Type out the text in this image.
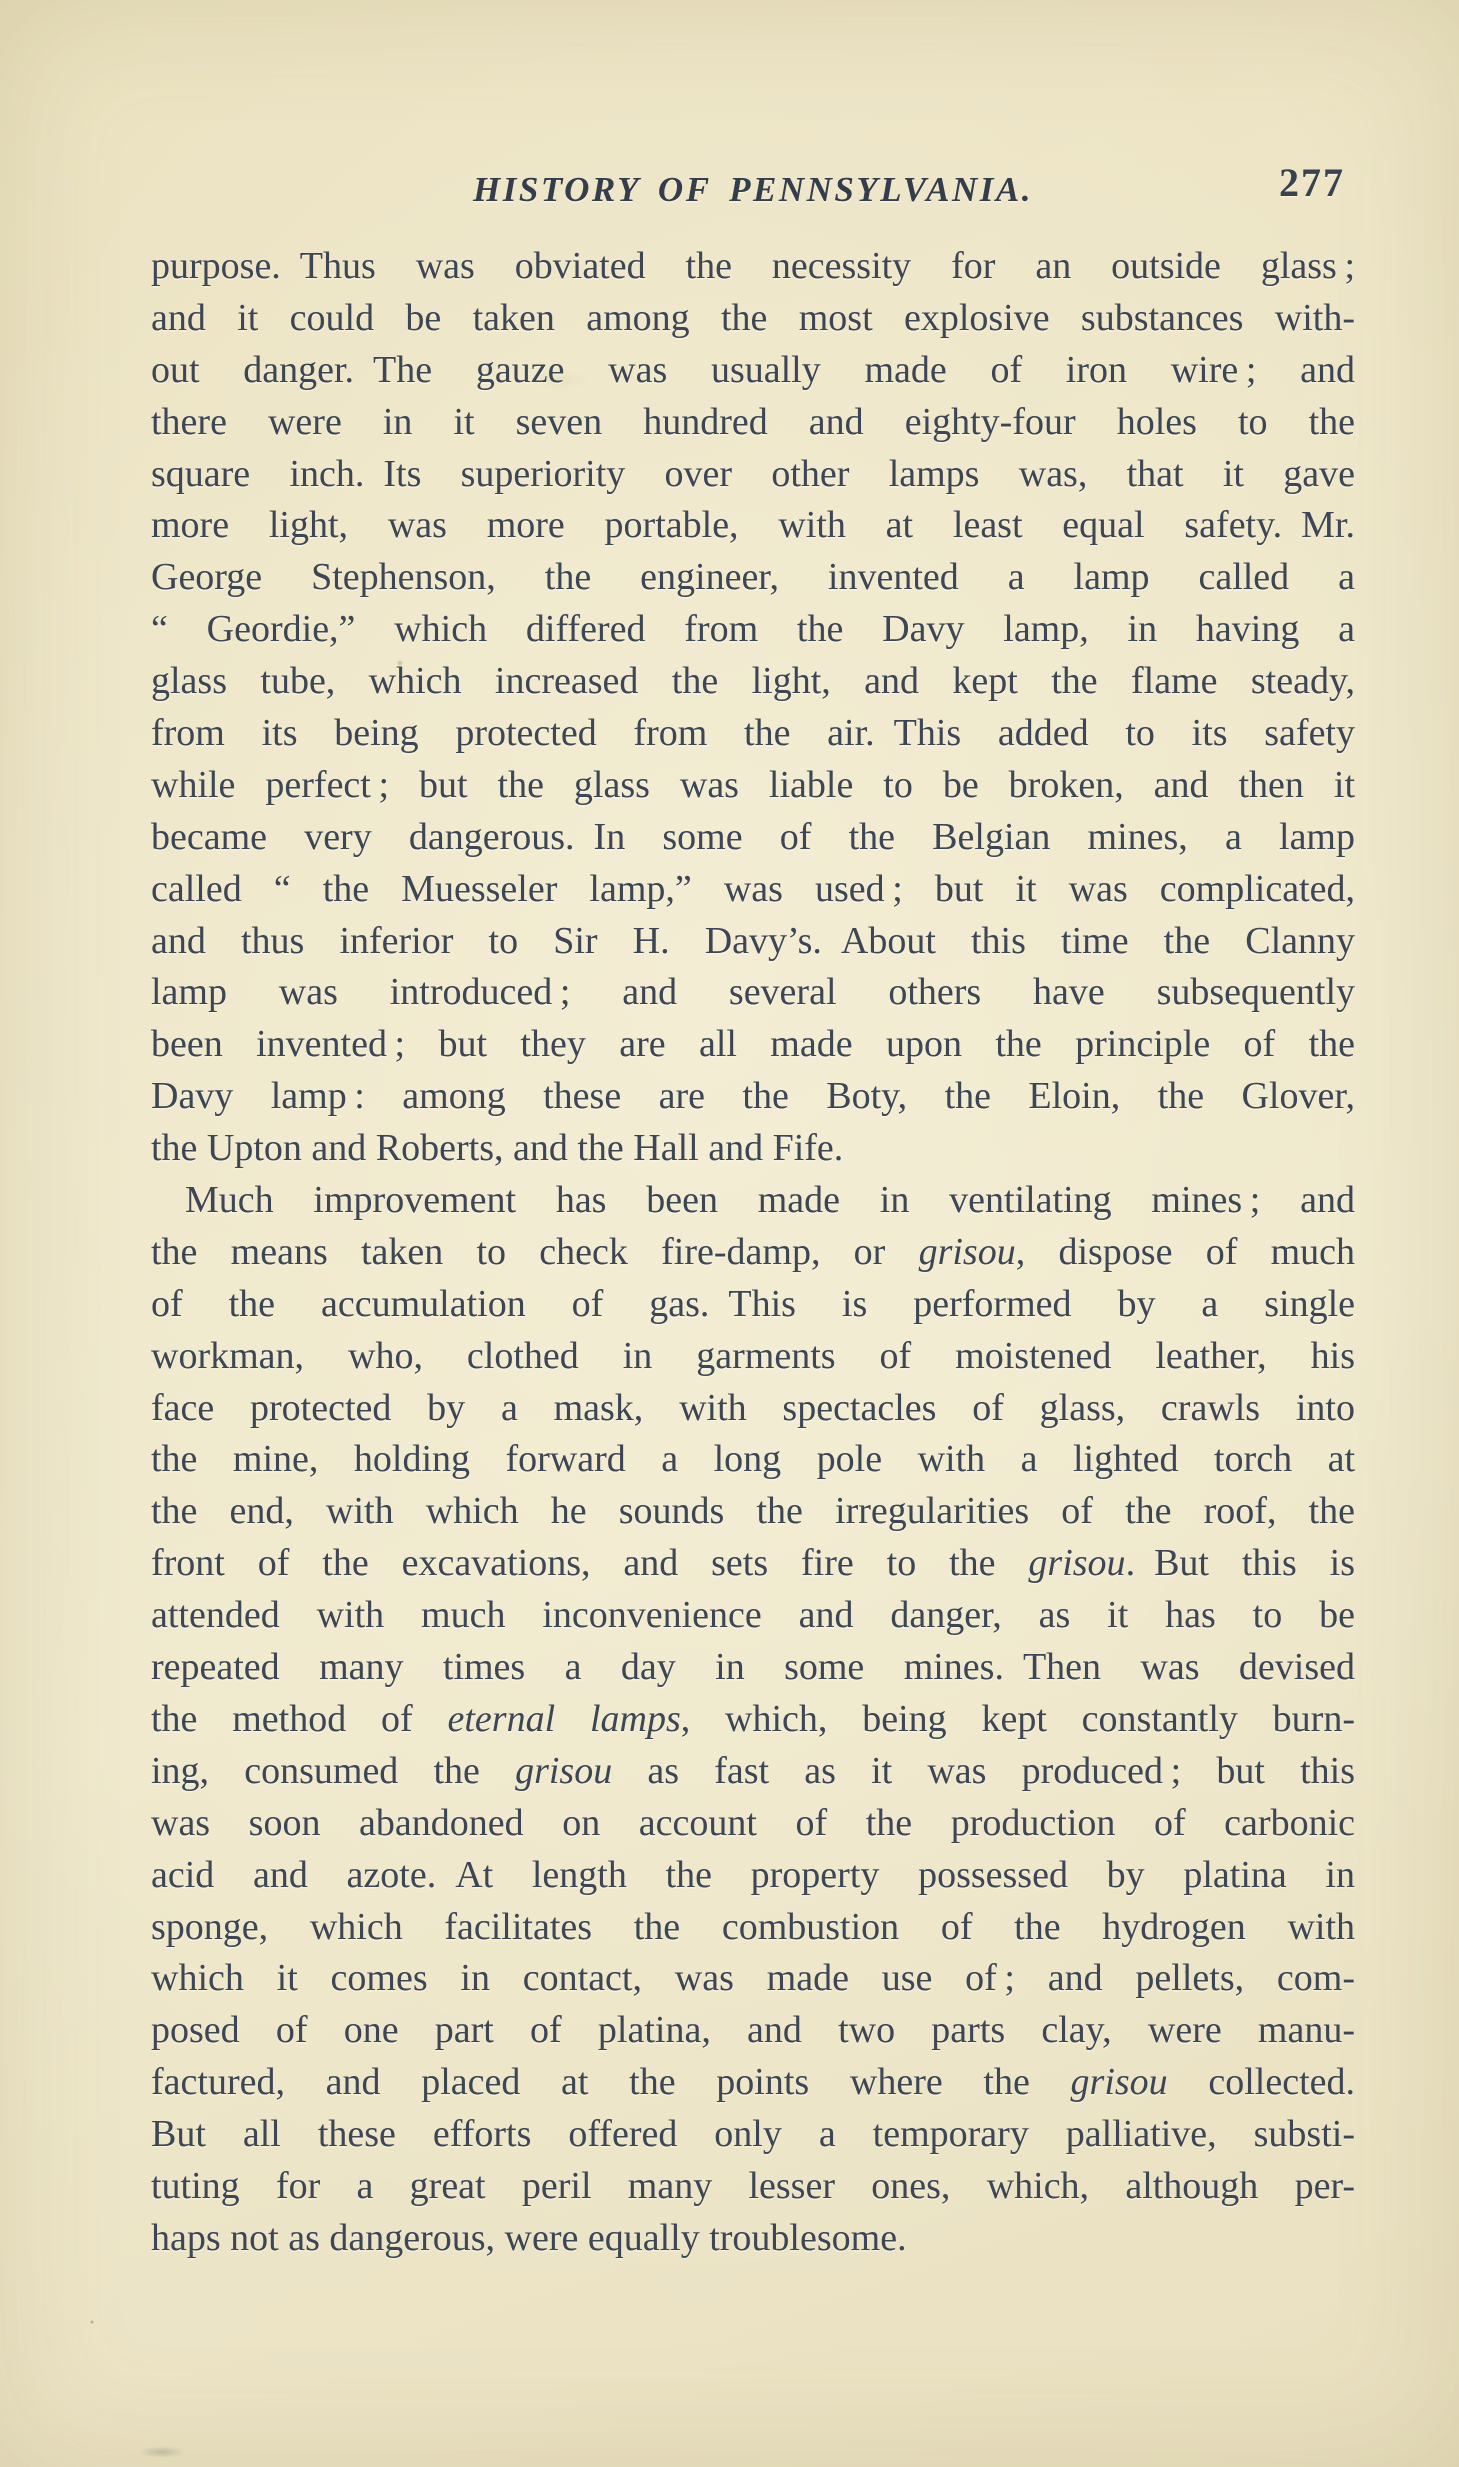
HISTORY OF PENNSYLVANIA.	277
purpose. Thus was obviated the necessity for an outside glass ;
and it could be taken among the most explosive substances with-
out danger. The gauze was usually made of iron wire ; and
there were in it seven hundred and eighty-four holes to the
square inch. Its superiority over other lamps was, that it gave
more light, was more portable, with at least equal safety. Mr.
George Stephenson, the engineer, invented a lamp called a
“ Geordie,” which differed from the Davy lamp, in having a
glass tube, which increased the light, and kept the flame steady,
from its being protected from the air. This added to its safety
while perfect ; but the glass was liable to be broken, and then it
became very dangerous. In some of the Belgian mines, a lamp
called “ the Muesseler lamp,” was used ; but it was complicated,
and thus inferior to Sir H. Davy’s. About this time the Clanny
lamp was introduced ; and several others have subsequently
been invented ; but they are all made upon the principle of the
Davy lamp : among these are the Boty, the Eloin, the Glover,
the Upton and Roberts, and the Hall and Fife.
Much improvement has been made in ventilating mines ; and
the means taken to check fire-damp, or grisou, dispose of much
of the accumulation of gas. This is performed by a single
workman, who, clothed in garments of moistened leather, his
face protected by a mask, with spectacles of glass, crawls into
the mine, holding forward a long pole with a lighted torch at
the end, with which he sounds the irregularities of the roof, the
front of the excavations, and sets fire to the grisou. But this is
attended with much inconvenience and danger, as it has to be
repeated many times a day in some mines. Then was devised
the method of eternal lamps, which, being kept constantly burn-
ing, consumed the grisou as fast as it was produced ; but this
was soon abandoned on account of the production of carbonic
acid and azote. At length the property possessed by platina in
sponge, which facilitates the combustion of the hydrogen with
which it comes in contact, was made use of ; and pellets, com-
posed of one part of platina, and two parts clay, were manu-
factured, and placed at the points where the grisou collected.
But all these efforts offered only a temporary palliative, substi-
tuting for a great peril many lesser ones, which, although per-
haps not as dangerous, were equally troublesome.
